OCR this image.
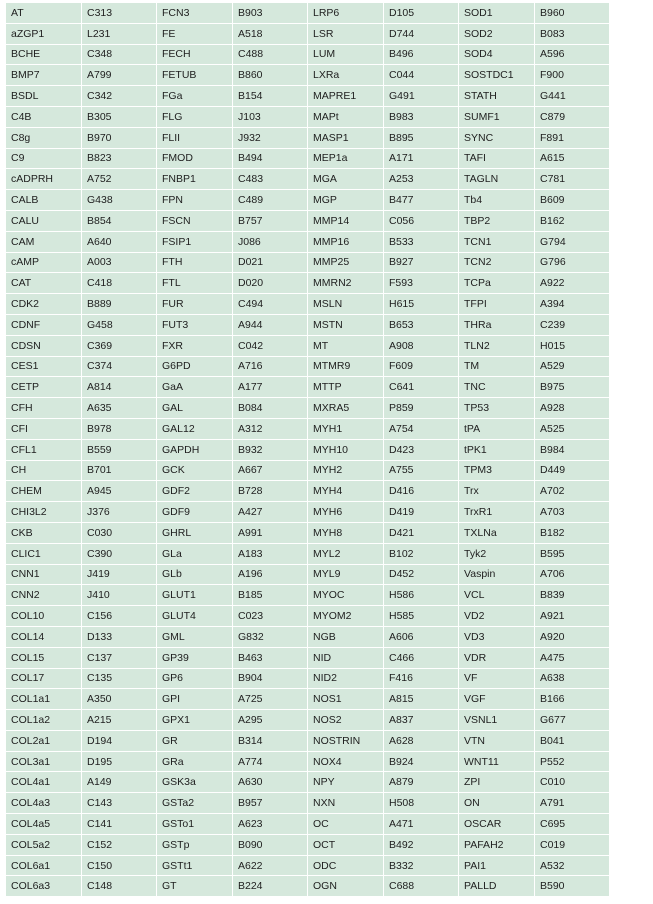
AT	C313	FCN3	B903	LRP6	D105	SOD1	B960
aZGP1	L231	FE	A518	LSR	D744	SOD2	B083
BCHE	C348	FECH	C488	LUM	B496	SOD4	A596
BMP7	A799	FETUB	B860	LXRa	C044	SOSTDC1	F900
BSDL	C342	FGa	B154	MAPRE1	G491	STATH	G441
C4B	B305	FLG	J103	MAPt	B983	SUMF1	C879
C8g	B970	FLII	J932	MASP1	B895	SYNC	F891
C9	B823	FMOD	B494	MEP1a	A171	TAFI	A615
cADPRH	A752	FNBP1	C483	MGA	A253	TAGLN	C781
CALB	G438	FPN	C489	MGP	B477	Tb4	B609
CALU	B854	FSCN	B757	MMP14	C056	TBP2	B162
CAM	A640	FSIP1	J086	MMP16	B533	TCN1	G794
cAMP	A003	FTH	D021	MMP25	B927	TCN2	G796
CAT	C418	FTL	D020	MMRN2	F593	TCPa	A922
CDK2	B889	FUR	C494	MSLN	H615	TFPI	A394
CDNF	G458	FUT3	A944	MSTN	B653	THRa	C239
CDSN	C369	FXR	C042	MT	A908	TLN2	H015
CES1	C374	G6PD	A716	MTMR9	F609	TM	A529
CETP	A814	GaA	A177	MTTP	C641	TNC	B975
CFH	A635	GAL	B084	MXRA5	P859	TP53	A928
CFI	B978	GAL12	A312	MYH1	A754	tPA	A525
CFL1	B559	GAPDH	B932	MYH10	D423	tPK1	B984
CH	B701	GCK	A667	MYH2	A755	TPM3	D449
CHEM	A945	GDF2	B728	MYH4	D416	Trx	A702
CHI3L2	J376	GDF9	A427	MYH6	D419	TrxR1	A703
CKB	C030	GHRL	A991	MYH8	D421	TXLNa	B182
CLIC1	C390	GLa	A183	MYL2	B102	Tyk2	B595
CNN1	J419	GLb	A196	MYL9	D452	Vaspin	A706
CNN2	J410	GLUT1	B185	MYOC	H586	VCL	B839
COL10	C156	GLUT4	C023	MYOM2	H585	VD2	A921
COL14	D133	GML	G832	NGB	A606	VD3	A920
COL15	C137	GP39	B463	NID	C466	VDR	A475
COL17	C135	GP6	B904	NID2	F416	VF	A638
COL1a1	A350	GPI	A725	NOS1	A815	VGF	B166
COL1a2	A215	GPX1	A295	NOS2	A837	VSNL1	G677
COL2a1	D194	GR	B314	NOSTRIN	A628	VTN	B041
COL3a1	D195	GRa	A774	NOX4	B924	WNT11	P552
COL4a1	A149	GSK3a	A630	NPY	A879	ZPI	C010
COL4a3	C143	GSTa2	B957	NXN	H508	ON	A791
COL4a5	C141	GSTo1	A623	OC	A471	OSCAR	C695
COL5a2	C152	GSTp	B090	OCT	B492	PAFAH2	C019
COL6a1	C150	GSTt1	A622	ODC	B332	PAI1	A532
COL6a3	C148	GT	B224	OGN	C688	PALLD	B590
